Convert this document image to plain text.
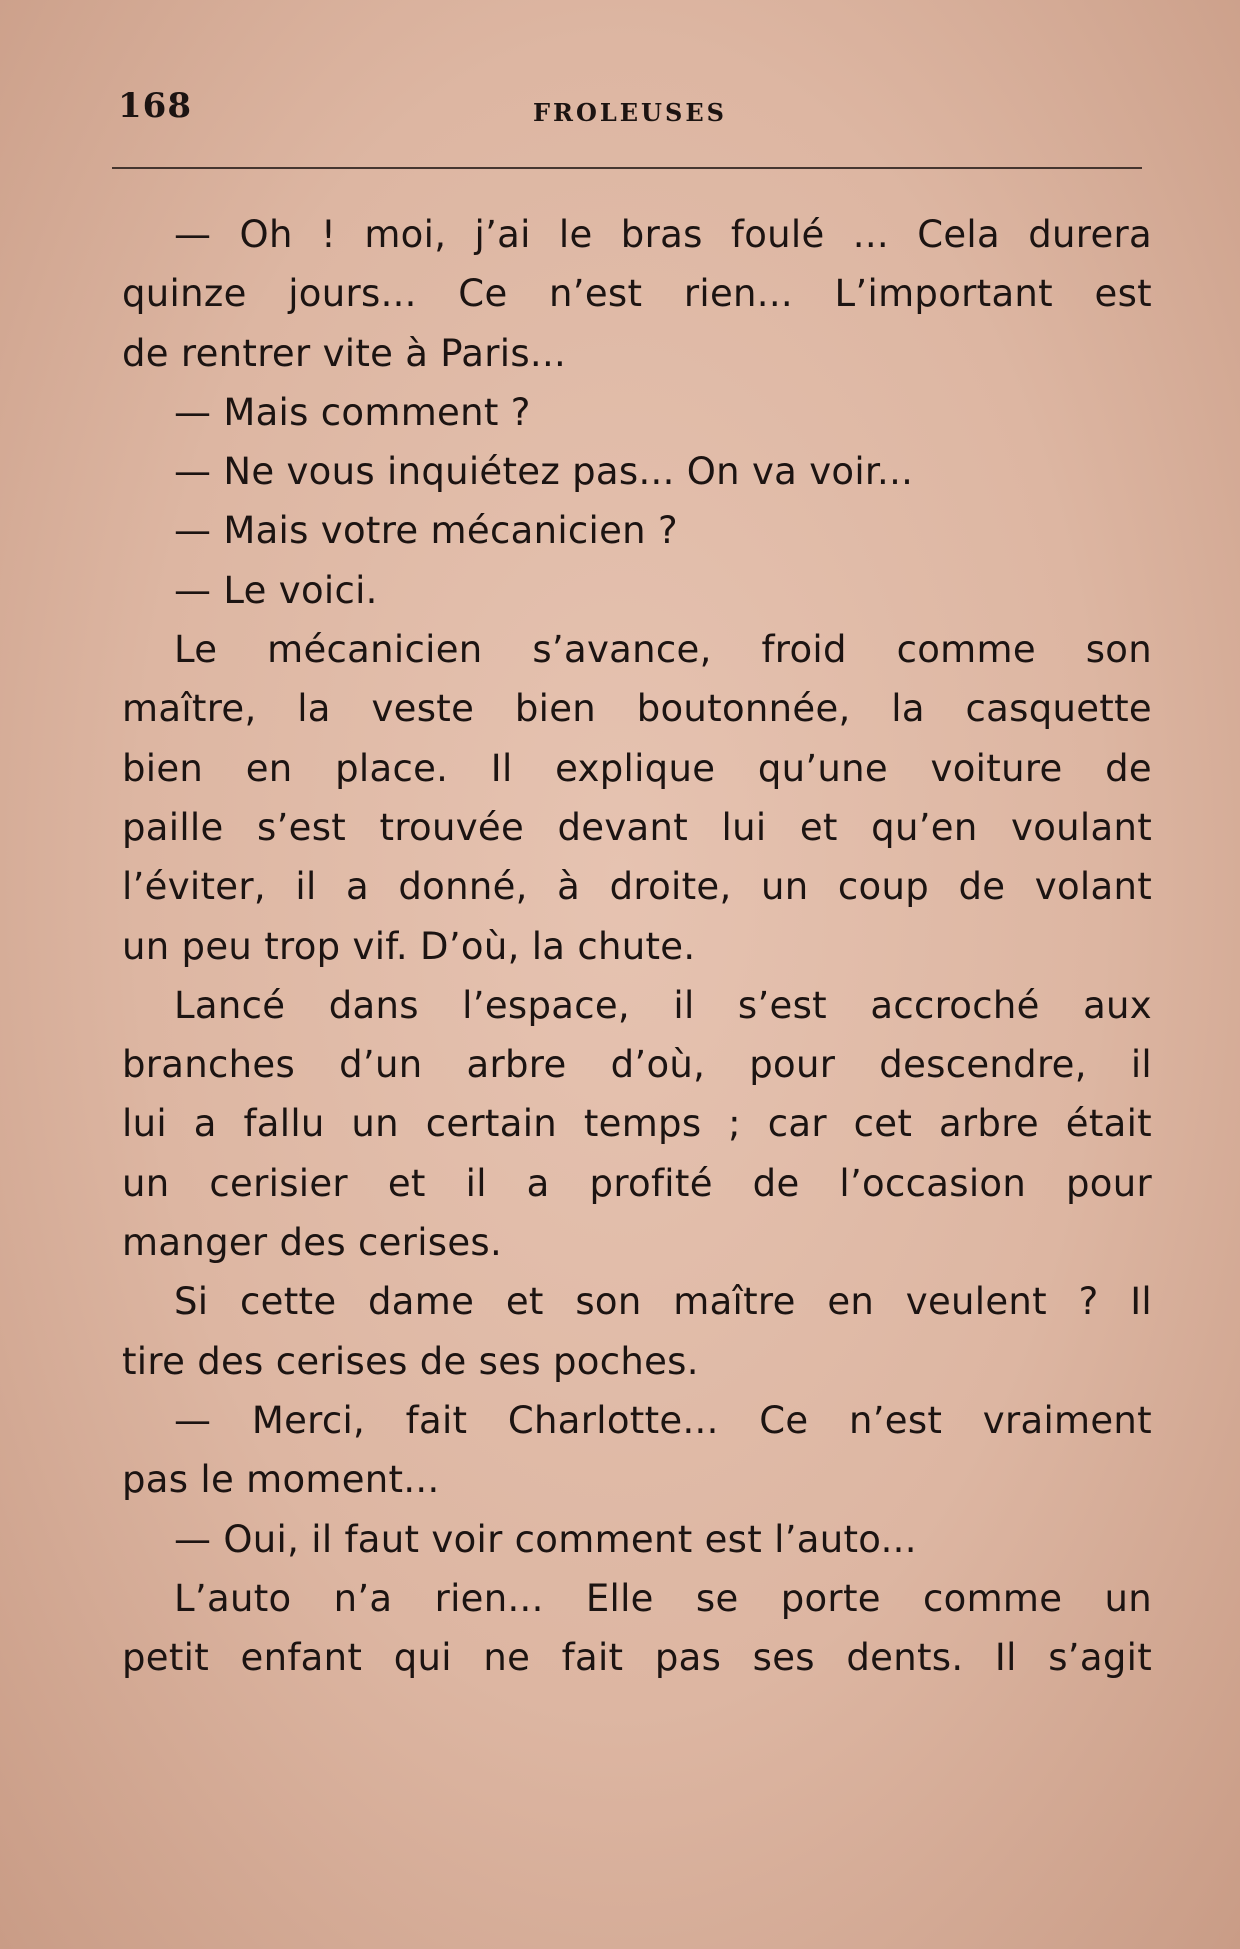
168	FROLEUSES
— Oh ! moi, j’ai le bras foulé ... Cela durera
quinze jours... Ce n’est rien... L’important est
de rentrer vite à Paris...
— Mais comment ?
— Ne vous inquiétez pas... On va voir...
— Mais votre mécanicien ?
— Le voici.
Le mécanicien s’avance, froid comme son
maître, la veste bien boutonnée, la casquette
bien en place. Il explique qu’une voiture de
paille s’est trouvée devant lui et qu’en voulant
l’éviter, il a donné, à droite, un coup de volant
un peu trop vif. D’où, la chute.
Lancé dans l’espace, il s’est accroché aux
branches d’un arbre d’où, pour descendre, il
lui a fallu un certain temps ; car cet arbre était
un cerisier et il a profité de l’occasion pour
manger des cerises.
Si cette dame et son maître en veulent ? Il
tire des cerises de ses poches.
— Merci, fait Charlotte... Ce n’est vraiment
pas le moment...
— Oui, il faut voir comment est l’auto...
L’auto n’a rien... Elle se porte comme un
petit enfant qui ne fait pas ses dents. Il s’agit
